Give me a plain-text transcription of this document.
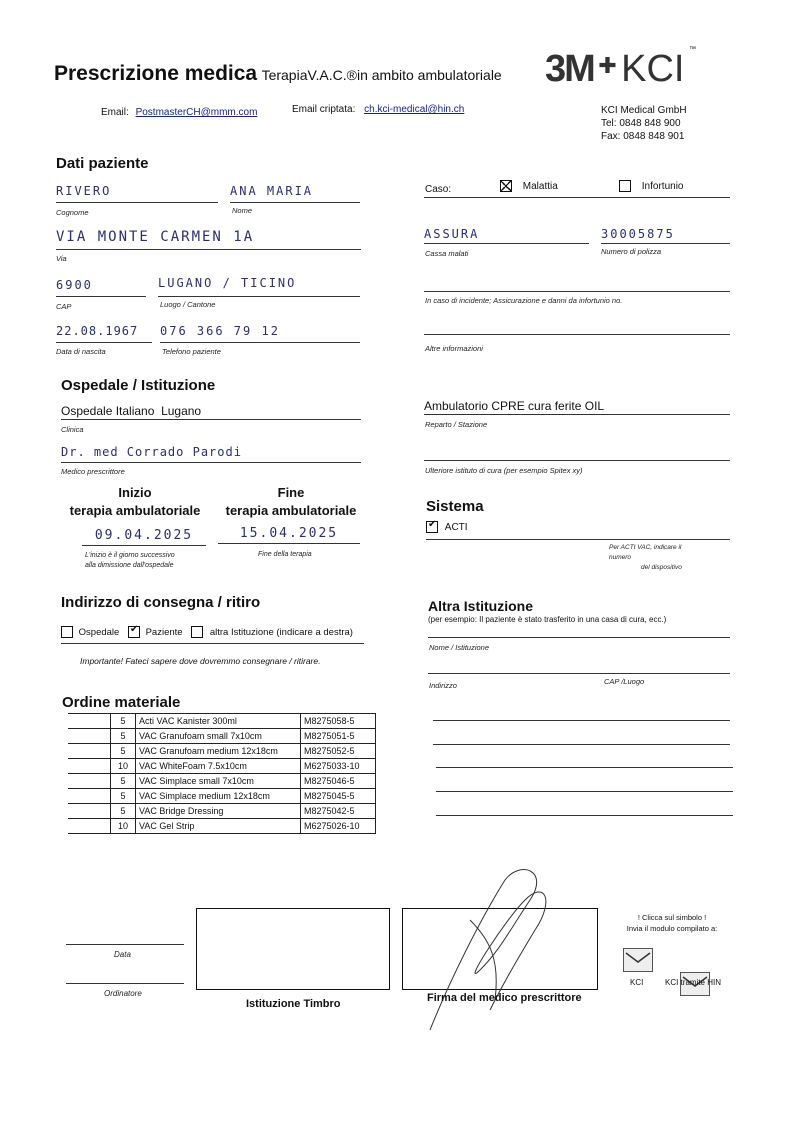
Prescrizione medica TerapiaV.A.C.®in ambito ambulatoriale 3M ✚ KCI ™
Email: PostmasterCH@mmm.com	Email criptata: ch.kci-medical@hin.ch	KCI Medical GmbH
Tel: 0848 848 900
Fax: 0848 848 901
Dati paziente
RIVERO
Cognome
ANA MARIA
Nome
VIA MONTE CARMEN 1A
Via
6900
CAP
LUGANO / TICINO
Luogo / Cantone
22.08.1967
Data di nascita
076 366 79 12
Telefono paziente
Caso:	Malattia	Infortunio
ASSURA
Cassa malati
30005875
Numero di polizza
In caso di incidente; Assicurazione e danni da infortunio no.
Altre informazioni
Ospedale / Istituzione
Ospedale Italiano  Lugano
Clinica
Ambulatorio CPRE cura ferite OIL
Reparto / Stazione
Dr. med Corrado Parodi
Medico prescrittore	Ulteriore istituto di cura (per esempio Spitex xy)
Inizio
terapia ambulatoriale
Fine
terapia ambulatoriale
09.04.2025
L'inizio è il giorno successivo
alla dimissione dall'ospedale
15.04.2025
Fine della terapia
Sistema
✔ ACTI
Per ACTI VAC, indicare il
numero
del dispositivo
Indirizzo di consegna / ritiro
Ospedale ✔	Paziente	altra Istituzione (indicare a destra)
Importante! Fateci sapere dove dovremmo consegnare / ritirare.
Altra Istituzione
(per esempio: Il paziente è stato trasferito in una casa di cura, ecc.)
Nome / Istituzione
Indirizzo	CAP /Luogo
Ordine materiale
	5	Acti VAC Kanister 300ml	M8275058-5
	5	VAC Granufoam small 7x10cm	M8275051-5
	5	VAC Granufoam medium 12x18cm	M8275052-5
	10	VAC WhiteFoam 7.5x10cm	M6275033-10
	5	VAC Simplace small 7x10cm	M8275046-5
	5	VAC Simplace medium 12x18cm	M8275045-5
	5	VAC Bridge Dressing	M8275042-5
	10	VAC Gel Strip	M6275026-10
Data
Ordinatore
Istituzione Timbro	Firma del medico prescrittore
! Clicca sul simbolo !
Invia il modulo compilato a:
KCI	KCI tramite HIN
